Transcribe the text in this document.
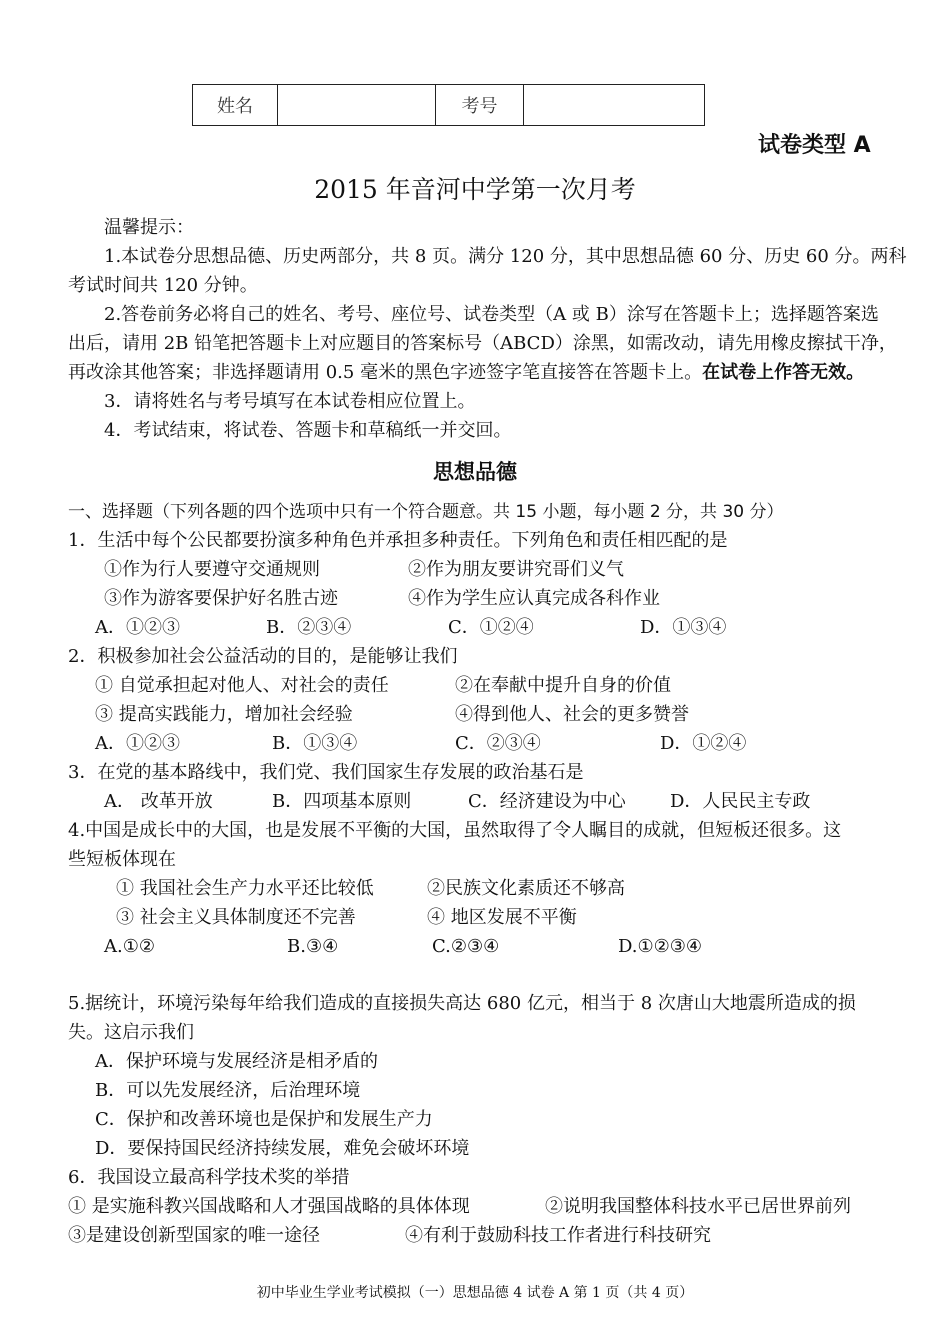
姓名		考号	
试卷类型 A
2015 年音河中学第一次月考
温馨提示：
1.本试卷分思想品德、历史两部分，共 8 页。满分 120 分，其中思想品德 60 分、历史 60 分。两科
考试时间共 120 分钟。
2.答卷前务必将自己的姓名、考号、座位号、试卷类型（A 或 B）涂写在答题卡上；选择题答案选
出后，请用 2B 铅笔把答题卡上对应题目的答案标号（ABCD）涂黑，如需改动，请先用橡皮擦拭干净，
再改涂其他答案；非选择题请用 0.5 毫米的黑色字迹签字笔直接答在答题卡上。在试卷上作答无效。
3．请将姓名与考号填写在本试卷相应位置上。
4．考试结束，将试卷、答题卡和草稿纸一并交回。
思想品德
一、选择题（下列各题的四个选项中只有一个符合题意。共 15 小题，每小题 2 分，共 30 分）
1．生活中每个公民都要扮演多种角色并承担多种责任。下列角色和责任相匹配的是
①作为行人要遵守交通规则	②作为朋友要讲究哥们义气
③作为游客要保护好名胜古迹	④作为学生应认真完成各科作业
A．①②③	B．②③④	C．①②④	D．①③④
2．积极参加社会公益活动的目的，是能够让我们
① 自觉承担起对他人、对社会的责任	②在奉献中提升自身的价值
③ 提高实践能力，增加社会经验	④得到他人、社会的更多赞誉
A．①②③	B．①③④	C．②③④	D．①②④
3．在党的基本路线中，我们党、我们国家生存发展的政治基石是
A． 改革开放	B．四项基本原则	C．经济建设为中心 D．人民民主专政
4.中国是成长中的大国，也是发展不平衡的大国，虽然取得了令人瞩目的成就，但短板还很多。这
些短板体现在
① 我国社会生产力水平还比较低	②民族文化素质还不够高
③ 社会主义具体制度还不完善	④ 地区发展不平衡
A.①②	B.③④	C.②③④	D.①②③④
5.据统计，环境污染每年给我们造成的直接损失高达 680 亿元，相当于 8 次唐山大地震所造成的损
失。这启示我们
A．保护环境与发展经济是相矛盾的
B．可以先发展经济，后治理环境
C．保护和改善环境也是保护和发展生产力
D．要保持国民经济持续发展，难免会破坏环境
6．我国设立最高科学技术奖的举措
① 是实施科教兴国战略和人才强国战略的具体体现	②说明我国整体科技水平已居世界前列
③是建设创新型国家的唯一途径	④有利于鼓励科技工作者进行科技研究
初中毕业生学业考试模拟（一）思想品德 4 试卷 A 第 1 页（共 4 页）
